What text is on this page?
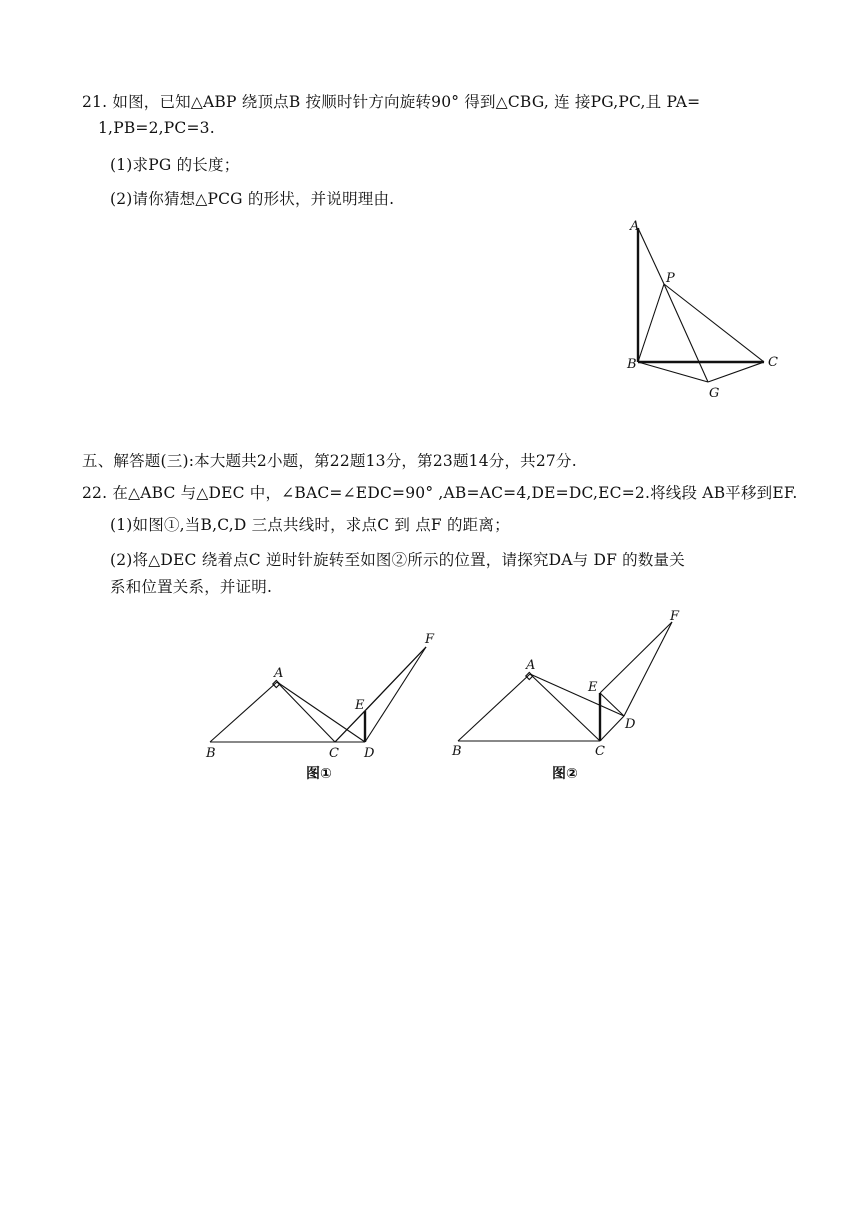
21. 如图，已知△ABP 绕顶点B 按顺时针方向旋转90° 得到△CBG, 连 接PG,PC,且 PA=
1,PB=2,PC=3.
(1)求PG 的长度；
(2)请你猜想△PCG 的形状，并说明理由.
A
P
B	C
G
五、解答题(三):本大题共2小题，第22题13分，第23题14分，共27分.
22. 在△ABC 与△DEC 中，∠BAC=∠EDC=90° ,AB=AC=4,DE=DC,EC=2.将线段 AB平移到EF.
(1)如图①,当B,C,D 三点共线时，求点C 到 点F 的距离；
(2)将△DEC 绕着点C 逆时针旋转至如图②所示的位置，请探究DA与 DF 的数量关
系和位置关系，并证明.
A
B	C D
E
F
图①
A
B	C
D
E
F
图②
